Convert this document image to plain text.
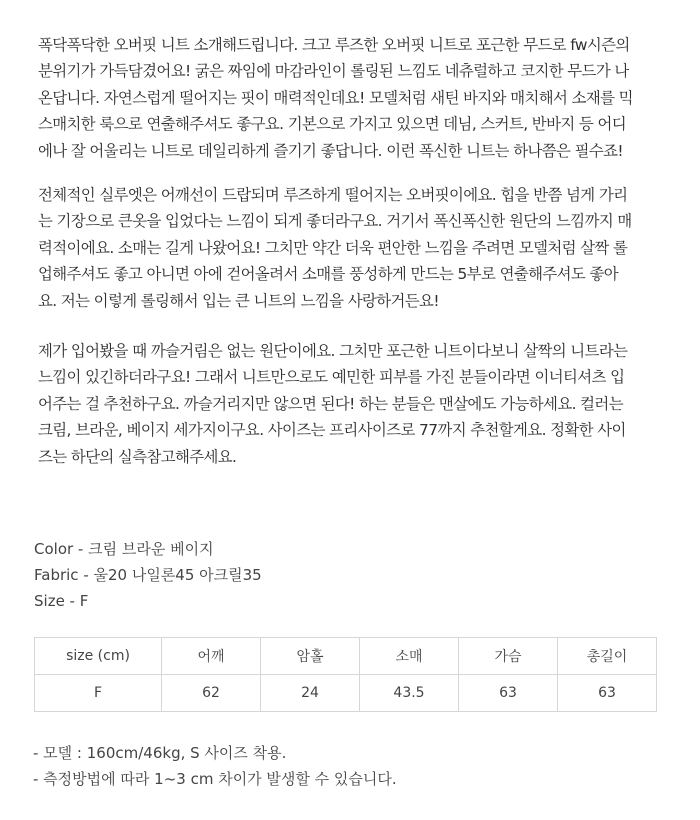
폭닥폭닥한 오버핏 니트 소개해드립니다. 크고 루즈한 오버핏 니트로 포근한 무드로 fw시즌의
분위기가 가득담겼어요! 굵은 짜임에 마감라인이 롤링된 느낌도 네츄럴하고 코지한 무드가 나
온답니다. 자연스럽게 떨어지는 핏이 매력적인데요! 모델처럼 새틴 바지와 매치해서 소재를 믹
스매치한 룩으로 연출해주셔도 좋구요. 기본으로 가지고 있으면 데님, 스커트, 반바지 등 어디
에나 잘 어울리는 니트로 데일리하게 즐기기 좋답니다. 이런 폭신한 니트는 하나쯤은 필수죠!

전체적인 실루엣은 어깨선이 드랍되며 루즈하게 떨어지는 오버핏이에요. 힙을 반쯤 넘게 가리
는 기장으로 큰옷을 입었다는 느낌이 되게 좋더라구요. 거기서 폭신폭신한 원단의 느낌까지 매
력적이에요. 소매는 길게 나왔어요! 그치만 약간 더욱 편안한 느낌을 주려면 모델처럼 살짝 롤
업해주셔도 좋고 아니면 아에 걷어올려서 소매를 풍성하게 만드는 5부로 연출해주셔도 좋아
요. 저는 이렇게 롤링해서 입는 큰 니트의 느낌을 사랑하거든요!

제가 입어봤을 때 까슬거림은 없는 원단이에요. 그치만 포근한 니트이다보니 살짝의 니트라는
느낌이 있긴하더라구요! 그래서 니트만으로도 예민한 피부를 가진 분들이라면 이너티셔츠 입
어주는 걸 추천하구요. 까슬거리지만 않으면 된다! 하는 분들은 맨살에도 가능하세요. 컬러는
크림, 브라운, 베이지 세가지이구요. 사이즈는 프리사이즈로 77까지 추천할게요. 정확한 사이
즈는 하단의 실측참고해주세요.

Color - 크림 브라운 베이지
Fabric - 울20 나일론45 아크릴35
Size - F
size (cm)	어깨	암홀	소매	가슴	총길이
F	62	24	43.5	63	63
- 모델 : 160cm/46kg, S 사이즈 착용.
- 측정방법에 따라 1~3 cm 차이가 발생할 수 있습니다.
